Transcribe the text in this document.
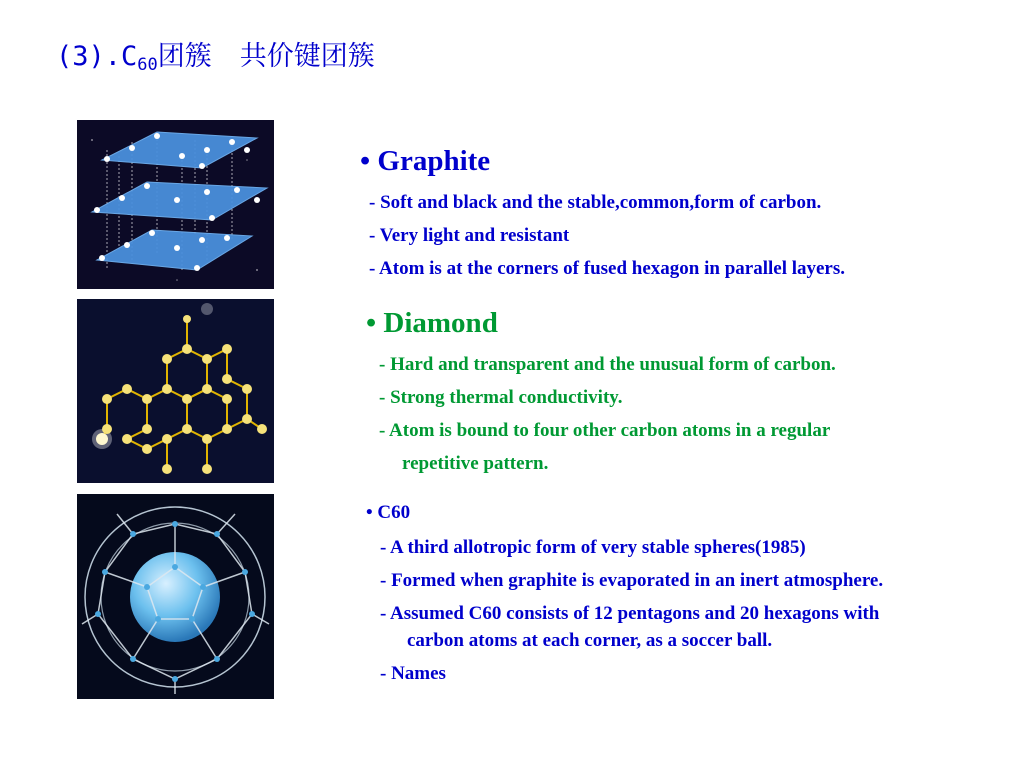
$(3).C_{60}$团簇 共价键团簇
• Graphite
- Soft and black and the stable,common,form of carbon.
- Very light and resistant
- Atom is at the corners of fused hexagon in parallel layers.
• Diamond
- Hard and transparent and the unusual form of carbon.
- Strong thermal conductivity.
- Atom is bound to four other carbon atoms in a regular
repetitive pattern.
• C60
- A third allotropic form of very stable spheres(1985)
- Formed when graphite is evaporated in an inert atmosphere.
- Assumed C60 consists of 12 pentagons and 20 hexagons with
carbon atoms at each corner, as a soccer ball.
- Names
